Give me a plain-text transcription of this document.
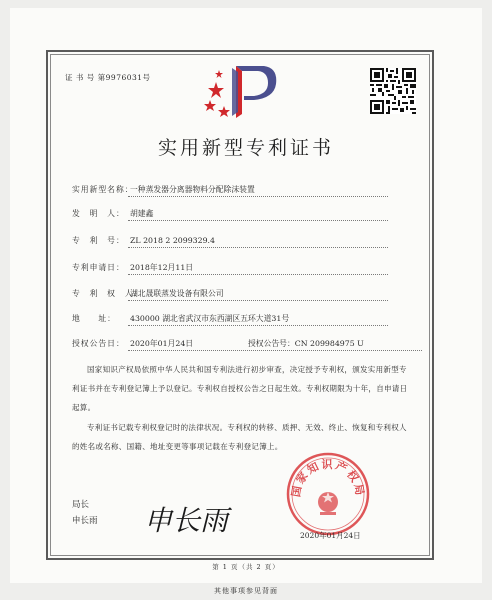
证 书 号 第9976031号
实用新型专利证书
实用新型名称：一种蒸发器分离器物料分配除沫装置
发　明　人： 胡建鑫
专　利　号： ZL 2018 2 2099329.4
专利申请日： 2018年12月11日
专　利　权　人：湖北晟联蒸发设备有限公司
地　　址： 430000 湖北省武汉市东西湖区五环大道31号
授权公告日： 2020年01月24日	授权公告号：CN 209984975 U
国家知识产权局依照中华人民共和国专利法进行初步审查，决定授予专利权，颁发实用新型专利证书并在专利登记簿上予以登记。专利权自授权公告之日起生效。专利权期限为十年，自申请日起算。
专利证书记载专利权登记时的法律状况。专利权的转移、质押、无效、终止、恢复和专利权人的姓名或名称、国籍、地址变更等事项记载在专利登记簿上。
局长
申长雨 申长雨
国家知识产权局
2020年01月24日
第 1 页（共 2 页）
其他事项参见背面
